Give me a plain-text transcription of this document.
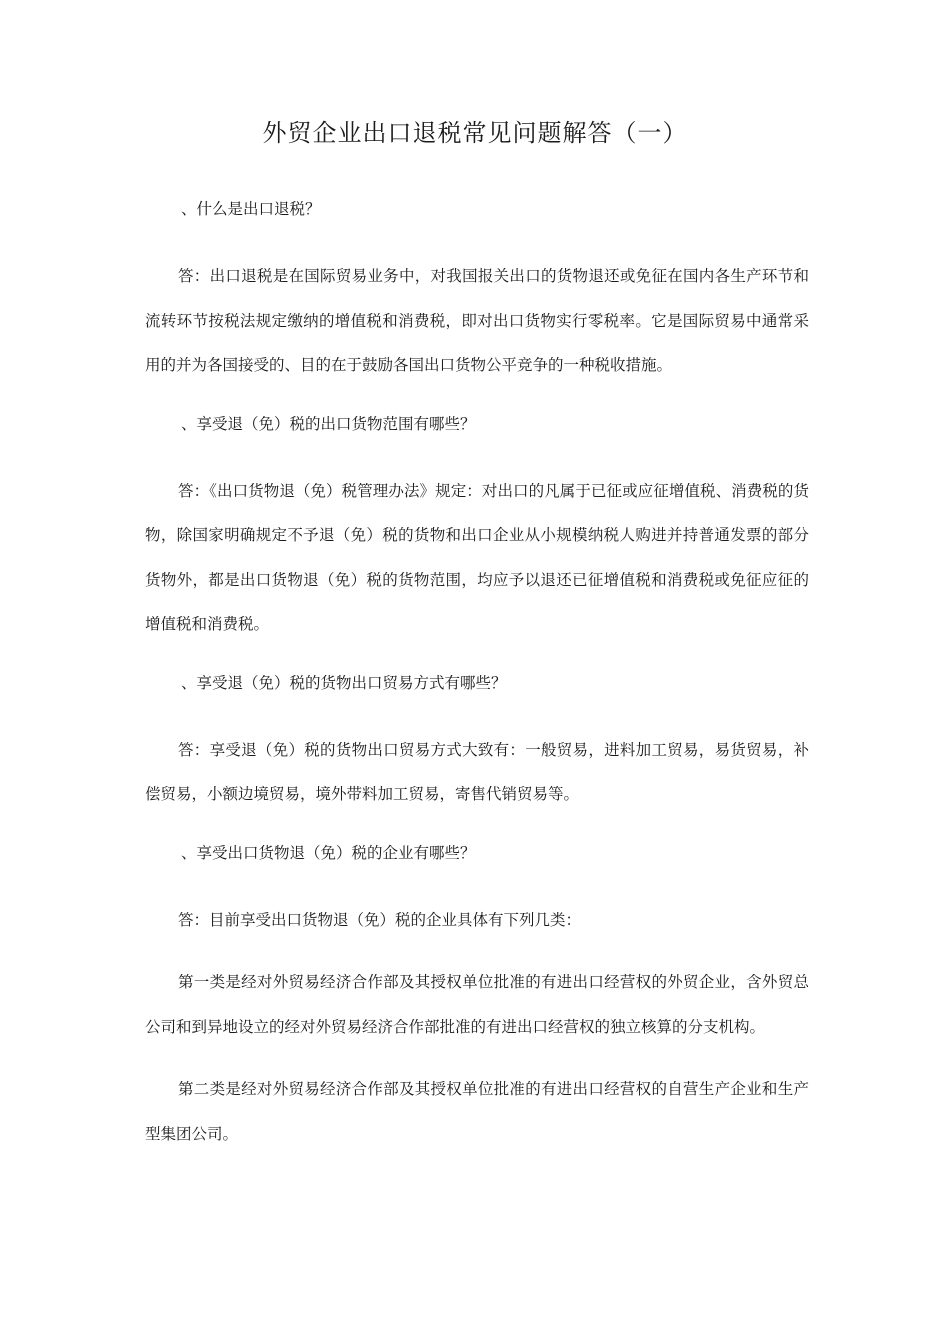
外贸企业出口退税常见问题解答（一）

、什么是出口退税？

答：出口退税是在国际贸易业务中，对我国报关出口的货物退还或免征在国内各生产环节和流转环节按税法规定缴纳的增值税和消费税，即对出口货物实行零税率。它是国际贸易中通常采用的并为各国接受的、目的在于鼓励各国出口货物公平竞争的一种税收措施。

、享受退（免）税的出口货物范围有哪些？

答：《出口货物退（免）税管理办法》规定：对出口的凡属于已征或应征增值税、消费税的货物，除国家明确规定不予退（免）税的货物和出口企业从小规模纳税人购进并持普通发票的部分货物外，都是出口货物退（免）税的货物范围，均应予以退还已征增值税和消费税或免征应征的增值税和消费税。

、享受退（免）税的货物出口贸易方式有哪些？

答：享受退（免）税的货物出口贸易方式大致有：一般贸易，进料加工贸易，易货贸易，补偿贸易，小额边境贸易，境外带料加工贸易，寄售代销贸易等。

、享受出口货物退（免）税的企业有哪些？

答：目前享受出口货物退（免）税的企业具体有下列几类：

第一类是经对外贸易经济合作部及其授权单位批准的有进出口经营权的外贸企业，含外贸总公司和到异地设立的经对外贸易经济合作部批准的有进出口经营权的独立核算的分支机构。

第二类是经对外贸易经济合作部及其授权单位批准的有进出口经营权的自营生产企业和生产型集团公司。
